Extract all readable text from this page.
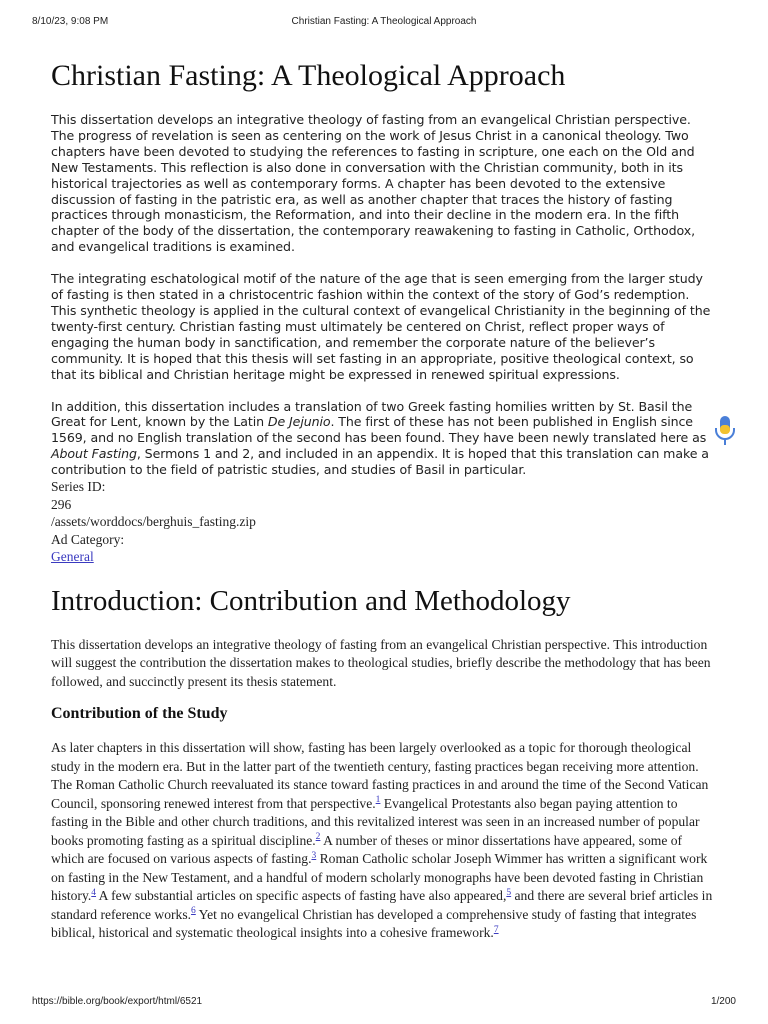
8/10/23, 9:08 PM	Christian Fasting: A Theological Approach
Christian Fasting: A Theological Approach

This dissertation develops an integrative theology of fasting from an evangelical Christian perspective. The progress of revelation is seen as centering on the work of Jesus Christ in a canonical theology. Two chapters have been devoted to studying the references to fasting in scripture, one each on the Old and New Testaments. This reflection is also done in conversation with the Christian community, both in its historical trajectories as well as contemporary forms. A chapter has been devoted to the extensive discussion of fasting in the patristic era, as well as another chapter that traces the history of fasting practices through monasticism, the Reformation, and into their decline in the modern era. In the fifth chapter of the body of the dissertation, the contemporary reawakening to fasting in Catholic, Orthodox, and evangelical traditions is examined.

The integrating eschatological motif of the nature of the age that is seen emerging from the larger study of fasting is then stated in a christocentric fashion within the context of the story of God’s redemption. This synthetic theology is applied in the cultural context of evangelical Christianity in the beginning of the twenty-first century. Christian fasting must ultimately be centered on Christ, reflect proper ways of engaging the human body in sanctification, and remember the corporate nature of the believer’s community. It is hoped that this thesis will set fasting in an appropriate, positive theological context, so that its biblical and Christian heritage might be expressed in renewed spiritual expressions.

In addition, this dissertation includes a translation of two Greek fasting homilies written by St. Basil the Great for Lent, known by the Latin De Jejunio. The first of these has not been published in English since 1569, and no English translation of the second has been found. They have been newly translated here as About Fasting, Sermons 1 and 2, and included in an appendix. It is hoped that this translation can make a contribution to the field of patristic studies, and studies of Basil in particular.

Series ID:
296
/assets/worddocs/berghuis_fasting.zip
Ad Category:
General
Introduction: Contribution and Methodology

This dissertation develops an integrative theology of fasting from an evangelical Christian perspective. This introduction will suggest the contribution the dissertation makes to theological studies, briefly describe the methodology that has been followed, and succinctly present its thesis statement.

Contribution of the Study

As later chapters in this dissertation will show, fasting has been largely overlooked as a topic for thorough theological study in the modern era. But in the latter part of the twentieth century, fasting practices began receiving more attention. The Roman Catholic Church reevaluated its stance toward fasting practices in and around the time of the Second Vatican Council, sponsoring renewed interest from that perspective.$^1$ Evangelical Protestants also began paying attention to fasting in the Bible and other church traditions, and this revitalized interest was seen in an increased number of popular books promoting fasting as a spiritual discipline.$^2$ A number of theses or minor dissertations have appeared, some of which are focused on various aspects of fasting.$^3$ Roman Catholic scholar Joseph Wimmer has written a significant work on fasting in the New Testament, and a handful of modern scholarly monographs have been devoted fasting in Christian history.$^4$ A few substantial articles on specific aspects of fasting have also appeared,$^5$ and there are several brief articles in standard reference works.$^6$ Yet no evangelical Christian has developed a comprehensive study of fasting that integrates biblical, historical and systematic theological insights into a cohesive framework.$^7$

https://bible.org/book/export/html/6521	1/200
